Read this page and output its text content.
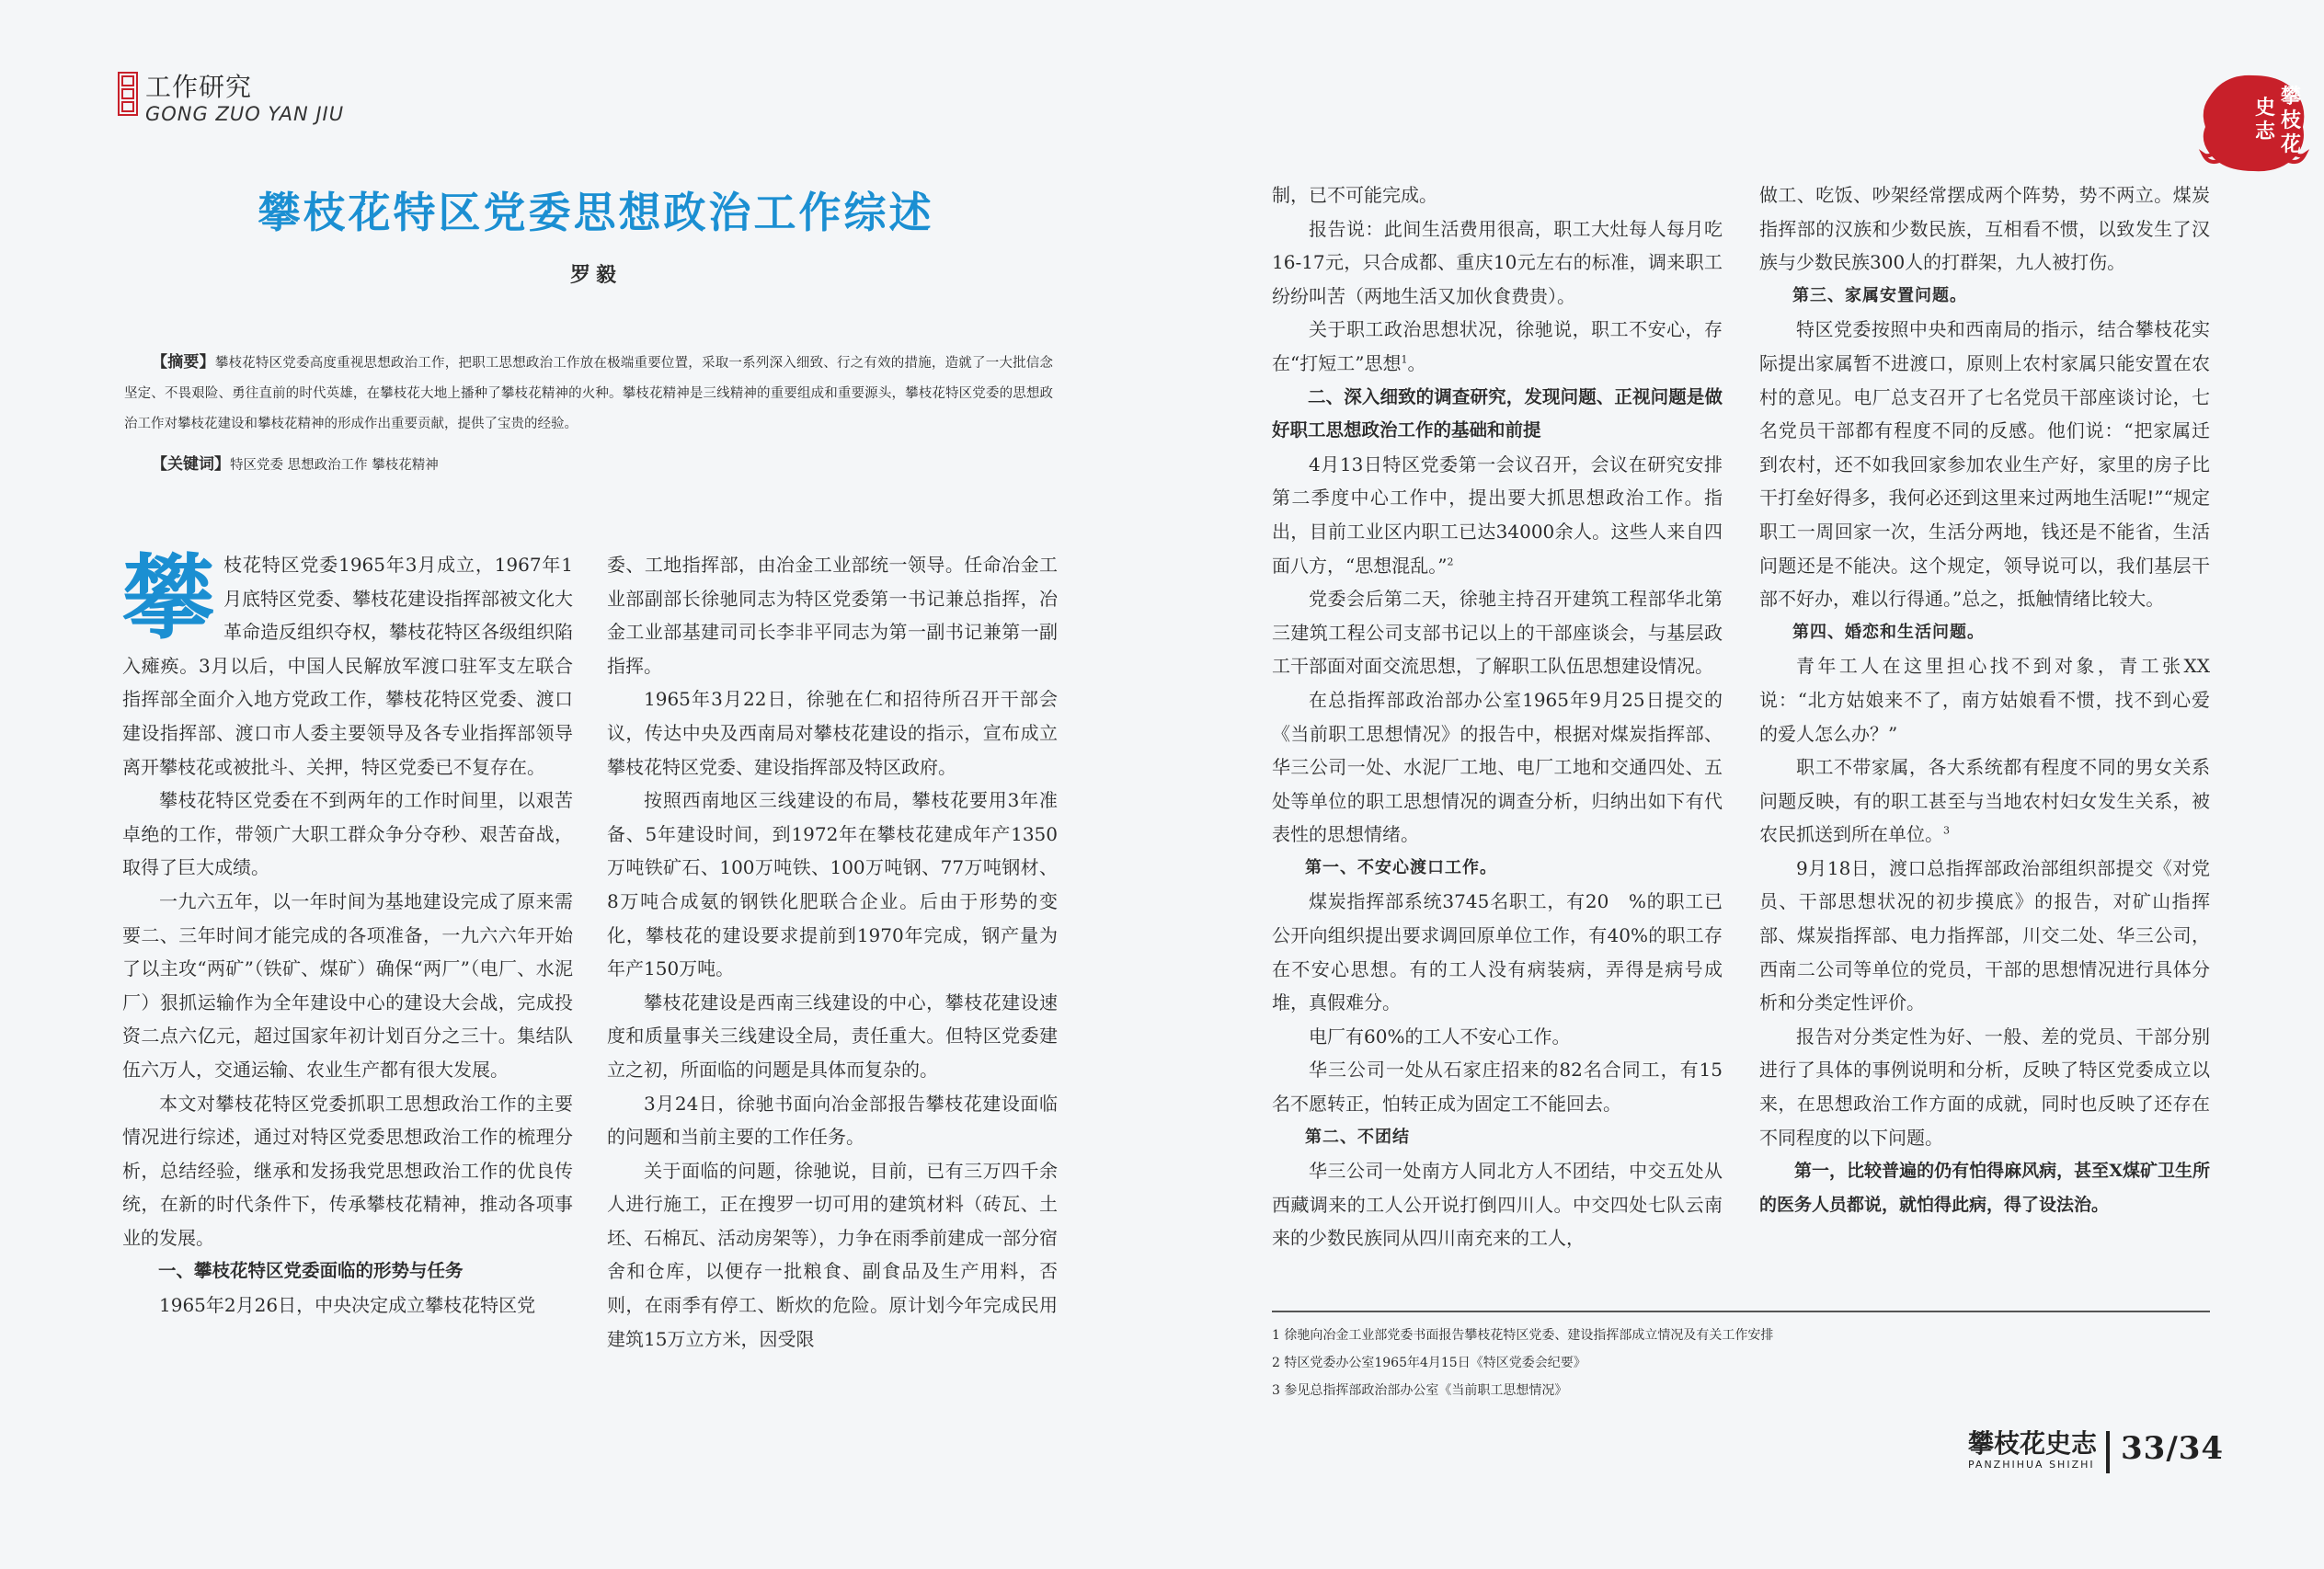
工作研究
GONG ZUO YAN JIU
攀
枝
花
史
志
攀枝花特区党委思想政治工作综述
罗毅
【摘要】攀枝花特区党委高度重视思想政治工作，把职工思想政治工作放在极端重要位置，采取一系列深入细致、行之有效的措施，造就了一大批信念坚定、不畏艰险、勇往直前的时代英雄，在攀枝花大地上播种了攀枝花精神的火种。攀枝花精神是三线精神的重要组成和重要源头，攀枝花特区党委的思想政治工作对攀枝花建设和攀枝花精神的形成作出重要贡献，提供了宝贵的经验。
【关键词】特区党委 思想政治工作 攀枝花精神

攀枝花特区党委1965年3月成立，1967年1月底特区党委、攀枝花建设指挥部被文化大革命造反组织夺权，攀枝花特区各级组织陷入瘫痪。3月以后，中国人民解放军渡口驻军支左联合指挥部全面介入地方党政工作，攀枝花特区党委、渡口建设指挥部、渡口市人委主要领导及各专业指挥部领导离开攀枝花或被批斗、关押，特区党委已不复存在。

攀枝花特区党委在不到两年的工作时间里，以艰苦卓绝的工作，带领广大职工群众争分夺秒、艰苦奋战，取得了巨大成绩。

一九六五年，以一年时间为基地建设完成了原来需要二、三年时间才能完成的各项准备，一九六六年开始了以主攻“两矿”（铁矿、煤矿）确保“两厂”（电厂、水泥厂）狠抓运输作为全年建设中心的建设大会战，完成投资二点六亿元，超过国家年初计划百分之三十。集结队伍六万人，交通运输、农业生产都有很大发展。

本文对攀枝花特区党委抓职工思想政治工作的主要情况进行综述，通过对特区党委思想政治工作的梳理分析，总结经验，继承和发扬我党思想政治工作的优良传统，在新的时代条件下，传承攀枝花精神，推动各项事业的发展。

一、攀枝花特区党委面临的形势与任务

1965年2月26日，中央决定成立攀枝花特区党

委、工地指挥部，由冶金工业部统一领导。任命冶金工业部副部长徐驰同志为特区党委第一书记兼总指挥，冶金工业部基建司司长李非平同志为第一副书记兼第一副指挥。

1965年3月22日，徐驰在仁和招待所召开干部会议，传达中央及西南局对攀枝花建设的指示，宣布成立攀枝花特区党委、建设指挥部及特区政府。

按照西南地区三线建设的布局，攀枝花要用3年准备、5年建设时间，到1972年在攀枝花建成年产1350万吨铁矿石、100万吨铁、100万吨钢、77万吨钢材、8万吨合成氨的钢铁化肥联合企业。后由于形势的变化，攀枝花的建设要求提前到1970年完成，钢产量为年产150万吨。

攀枝花建设是西南三线建设的中心，攀枝花建设速度和质量事关三线建设全局，责任重大。但特区党委建立之初，所面临的问题是具体而复杂的。

3月24日，徐驰书面向冶金部报告攀枝花建设面临的问题和当前主要的工作任务。

关于面临的问题，徐驰说，目前，已有三万四千余人进行施工，正在搜罗一切可用的建筑材料（砖瓦、土坯、石棉瓦、活动房架等），力争在雨季前建成一部分宿舍和仓库，以便存一批粮食、副食品及生产用料，否则，在雨季有停工、断炊的危险。原计划今年完成民用建筑15万立方米，因受限

制，已不可能完成。

报告说：此间生活费用很高，职工大灶每人每月吃16-17元，只合成都、重庆10元左右的标准，调来职工纷纷叫苦（两地生活又加伙食费贵）。

关于职工政治思想状况，徐驰说，职工不安心，存在“打短工”思想$^1$。

二、深入细致的调查研究，发现问题、正视问题是做好职工思想政治工作的基础和前提

4月13日特区党委第一会议召开，会议在研究安排第二季度中心工作中，提出要大抓思想政治工作。指出，目前工业区内职工已达34000余人。这些人来自四面八方，“思想混乱。”$^2$

党委会后第二天，徐驰主持召开建筑工程部华北第三建筑工程公司支部书记以上的干部座谈会，与基层政工干部面对面交流思想，了解职工队伍思想建设情况。

在总指挥部政治部办公室1965年9月25日提交的《当前职工思想情况》的报告中，根据对煤炭指挥部、华三公司一处、水泥厂工地、电厂工地和交通四处、五处等单位的职工思想情况的调查分析，归纳出如下有代表性的思想情绪。

第一、不安心渡口工作。

煤炭指挥部系统3745名职工，有20　%的职工已公开向组织提出要求调回原单位工作，有40%的职工存在不安心思想。有的工人没有病装病，弄得是病号成堆，真假难分。

电厂有60%的工人不安心工作。

华三公司一处从石家庄招来的82名合同工，有15名不愿转正，怕转正成为固定工不能回去。

第二、不团结

华三公司一处南方人同北方人不团结，中交五处从西藏调来的工人公开说打倒四川人。中交四处七队云南来的少数民族同从四川南充来的工人，

做工、吃饭、吵架经常摆成两个阵势，势不两立。煤炭指挥部的汉族和少数民族，互相看不惯，以致发生了汉族与少数民族300人的打群架，九人被打伤。

第三、家属安置问题。

特区党委按照中央和西南局的指示，结合攀枝花实际提出家属暂不进渡口，原则上农村家属只能安置在农村的意见。电厂总支召开了七名党员干部座谈讨论，七名党员干部都有程度不同的反感。他们说：“把家属迁到农村，还不如我回家参加农业生产好，家里的房子比干打垒好得多，我何必还到这里来过两地生活呢!”“规定职工一周回家一次，生活分两地，钱还是不能省，生活问题还是不能决。这个规定，领导说可以，我们基层干部不好办，难以行得通。”总之，抵触情绪比较大。

第四、婚恋和生活问题。

青年工人在这里担心找不到对象，青工张XX说：“北方姑娘来不了，南方姑娘看不惯，找不到心爱的爱人怎么办？”

职工不带家属，各大系统都有程度不同的男女关系问题反映，有的职工甚至与当地农村妇女发生关系，被农民抓送到所在单位。$^3$

9月18日，渡口总指挥部政治部组织部提交《对党员、干部思想状况的初步摸底》的报告，对矿山指挥部、煤炭指挥部、电力指挥部，川交二处、华三公司，西南二公司等单位的党员，干部的思想情况进行具体分析和分类定性评价。

报告对分类定性为好、一般、差的党员、干部分别进行了具体的事例说明和分析，反映了特区党委成立以来，在思想政治工作方面的成就，同时也反映了还存在不同程度的以下问题。

第一，比较普遍的仍有怕得麻风病，甚至X煤矿卫生所的医务人员都说，就怕得此病，得了设法治。

1 徐驰向冶金工业部党委书面报告攀枝花特区党委、建设指挥部成立情况及有关工作安排
2 特区党委办公室1965年4月15日《特区党委会纪要》
3 参见总指挥部政治部办公室《当前职工思想情况》
攀枝花史志
PANZHIHUA SHIZHI 33/34
